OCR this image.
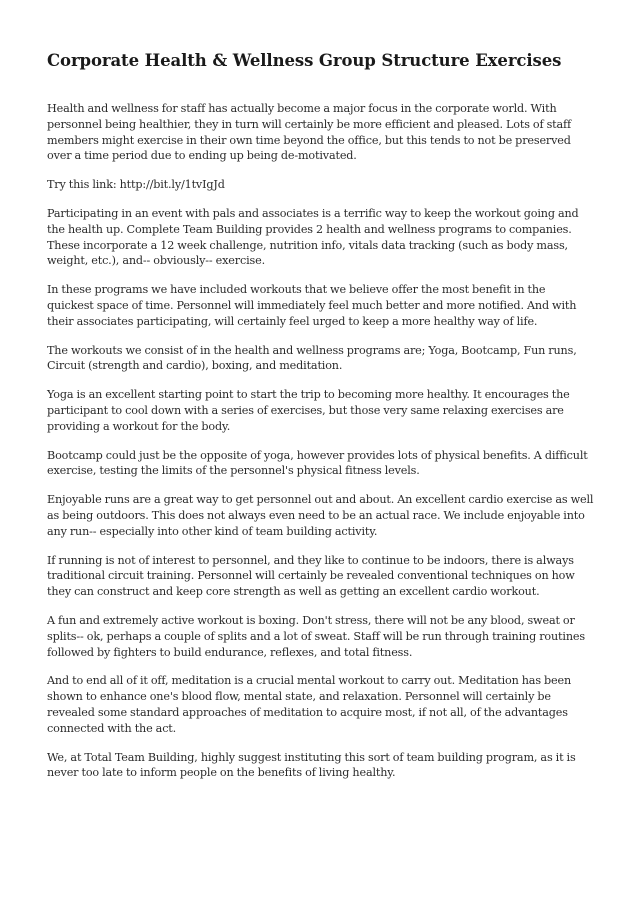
Corporate Health & Wellness Group Structure Exercises

Health and wellness for staff has actually become a major focus in the corporate world. With personnel being healthier, they in turn will certainly be more efficient and pleased. Lots of staff members might exercise in their own time beyond the office, but this tends to not be preserved over a time period due to ending up being de-motivated.

Try this link: http://bit.ly/1tvIgJd

Participating in an event with pals and associates is a terrific way to keep the workout going and the health up. Complete Team Building provides 2 health and wellness programs to companies. These incorporate a 12 week challenge, nutrition info, vitals data tracking (such as body mass, weight, etc.), and-- obviously-- exercise.

In these programs we have included workouts that we believe offer the most benefit in the quickest space of time. Personnel will immediately feel much better and more notified. And with their associates participating, will certainly feel urged to keep a more healthy way of life.

The workouts we consist of in the health and wellness programs are; Yoga, Bootcamp, Fun runs, Circuit (strength and cardio), boxing, and meditation.

Yoga is an excellent starting point to start the trip to becoming more healthy. It encourages the participant to cool down with a series of exercises, but those very same relaxing exercises are providing a workout for the body.

Bootcamp could just be the opposite of yoga, however provides lots of physical benefits. A difficult exercise, testing the limits of the personnel's physical fitness levels.

Enjoyable runs are a great way to get personnel out and about. An excellent cardio exercise as well as being outdoors. This does not always even need to be an actual race. We include enjoyable into any run-- especially into other kind of team building activity.

If running is not of interest to personnel, and they like to continue to be indoors, there is always traditional circuit training. Personnel will certainly be revealed conventional techniques on how they can construct and keep core strength as well as getting an excellent cardio workout.

A fun and extremely active workout is boxing. Don't stress, there will not be any blood, sweat or splits-- ok, perhaps a couple of splits and a lot of sweat. Staff will be run through training routines followed by fighters to build endurance, reflexes, and total fitness.

And to end all of it off, meditation is a crucial mental workout to carry out. Meditation has been shown to enhance one's blood flow, mental state, and relaxation. Personnel will certainly be revealed some standard approaches of meditation to acquire most, if not all, of the advantages connected with the act.

We, at Total Team Building, highly suggest instituting this sort of team building program, as it is never too late to inform people on the benefits of living healthy.
